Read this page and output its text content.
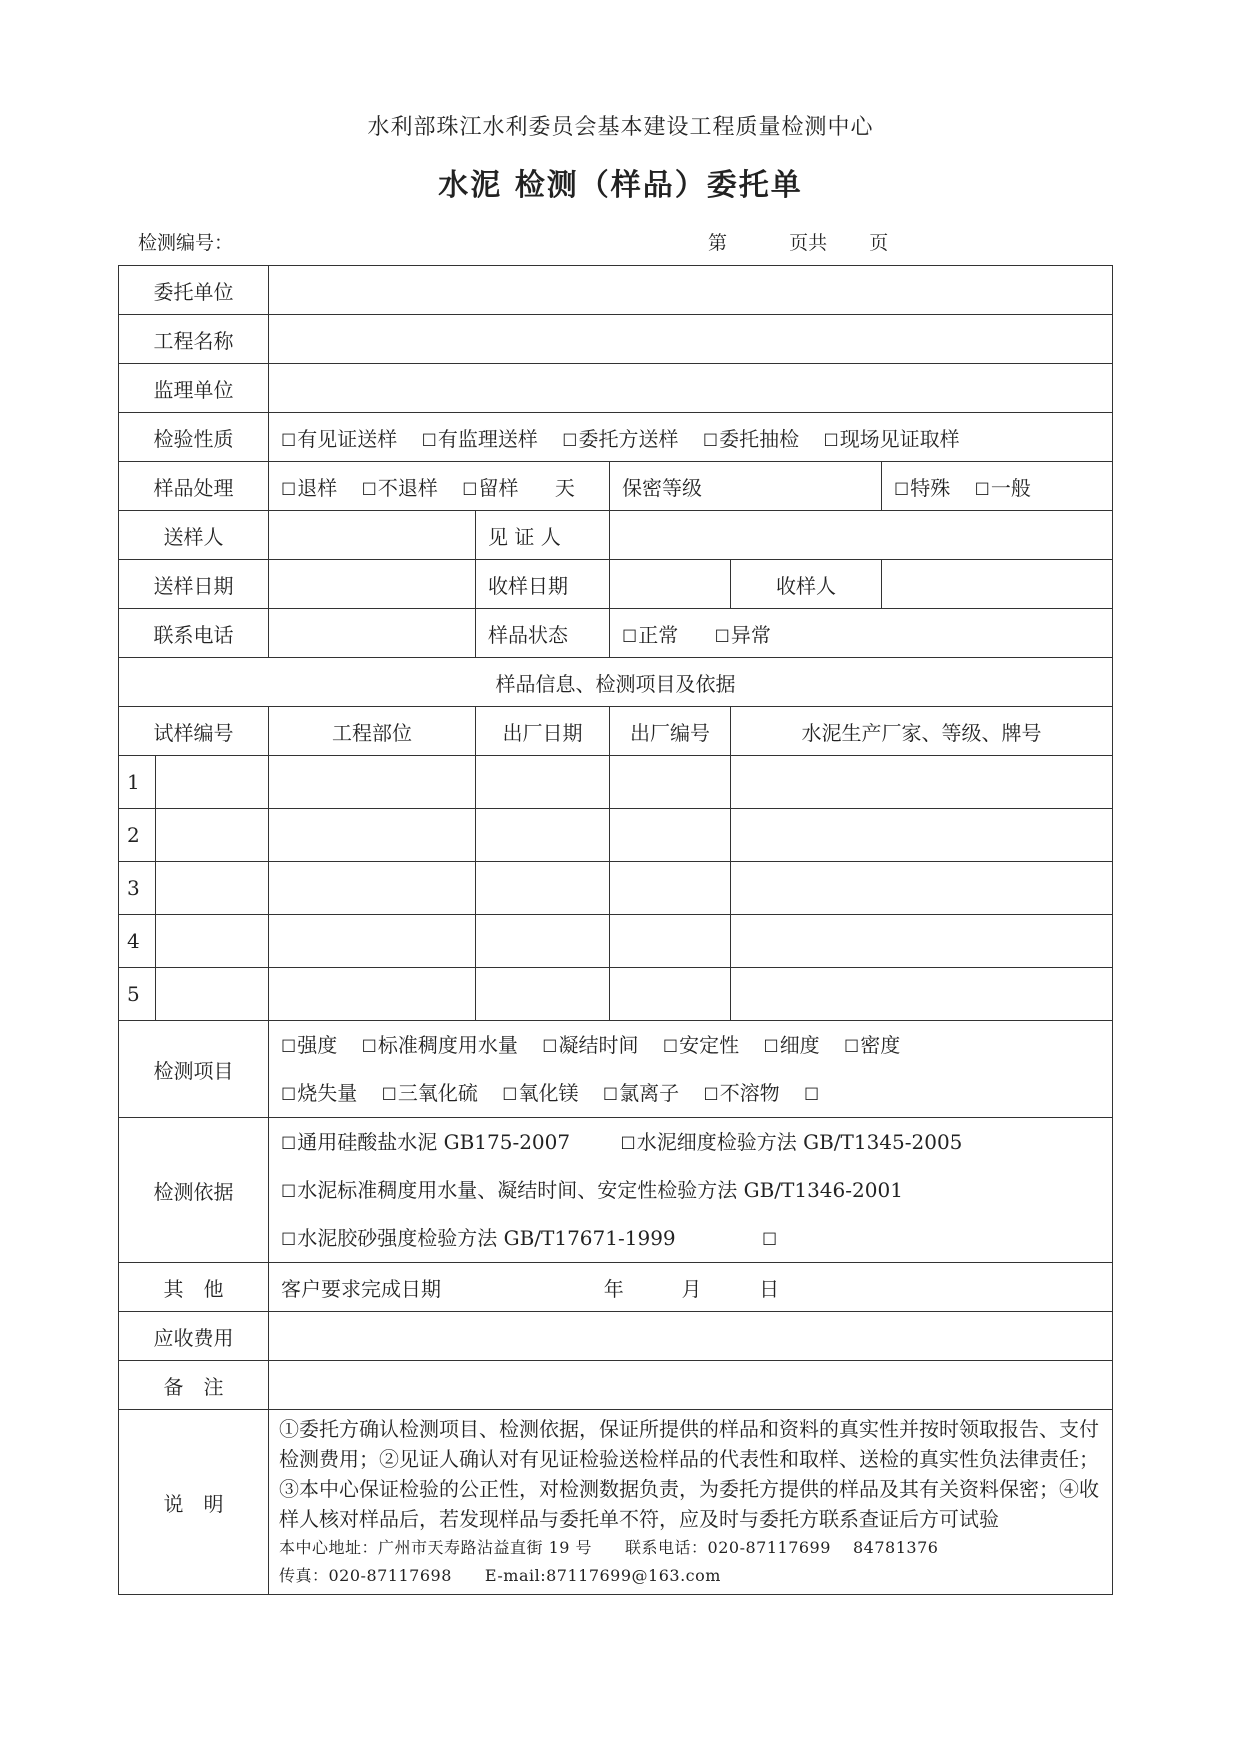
水利部珠江水利委员会基本建设工程质量检测中心
水泥 检测（样品）委托单
检测编号：	第	页共 页
委托单位						
工程名称						
监理单位						
检验性质		☐有见证送样 ☐有监理送样 ☐委托方送样 ☐委托抽检 ☐现场见证取样				
样品处理		☐退样 ☐不退样 ☐留样 天		保密等级		☐特殊 ☐一般
送样人			见 证 人			
送样日期			收样日期		收样人	
联系电话			样品状态	☐正常 ☐异常		
样品信息、检测项目及依据						
试样编号		工程部位	出厂日期	出厂编号	水泥生产厂家、等级、牌号	
1						
2						
3						
4						
5						
检测项目		☐强度 ☐标准稠度用水量 ☐凝结时间 ☐安定性 ☐细度 ☐密度
☐烧失量 ☐三氧化硫 ☐氧化镁 ☐氯离子 ☐不溶物 ☐				

检测依据		☐通用硅酸盐水泥 GB175-2007 ☐水泥细度检验方法 GB/T1345-2005
☐水泥标准稠度用水量、凝结时间、安定性检验方法 GB/T1346-2001
☐水泥胶砂强度检验方法 GB/T17671-1999 ☐				

其　他		客户要求完成日期 年 月 日				
应收费用						
备　注						
说　明		①委托方确认检测项目、检测依据，保证所提供的样品和资料的真实性并按时领取报告、支付检测费用；②见证人确认对有见证检验送检样品的代表性和取样、送检的真实性负法律责任；③本中心保证检验的公正性，对检测数据负责，为委托方提供的样品及其有关资料保密；④收样人核对样品后，若发现样品与委托单不符，应及时与委托方联系查证后方可试验
本中心地址：广州市天寿路沾益直街 19 号　　联系电话：020-87117699　 84781376
传真：020-87117698　　E-mail:87117699@163.com				
